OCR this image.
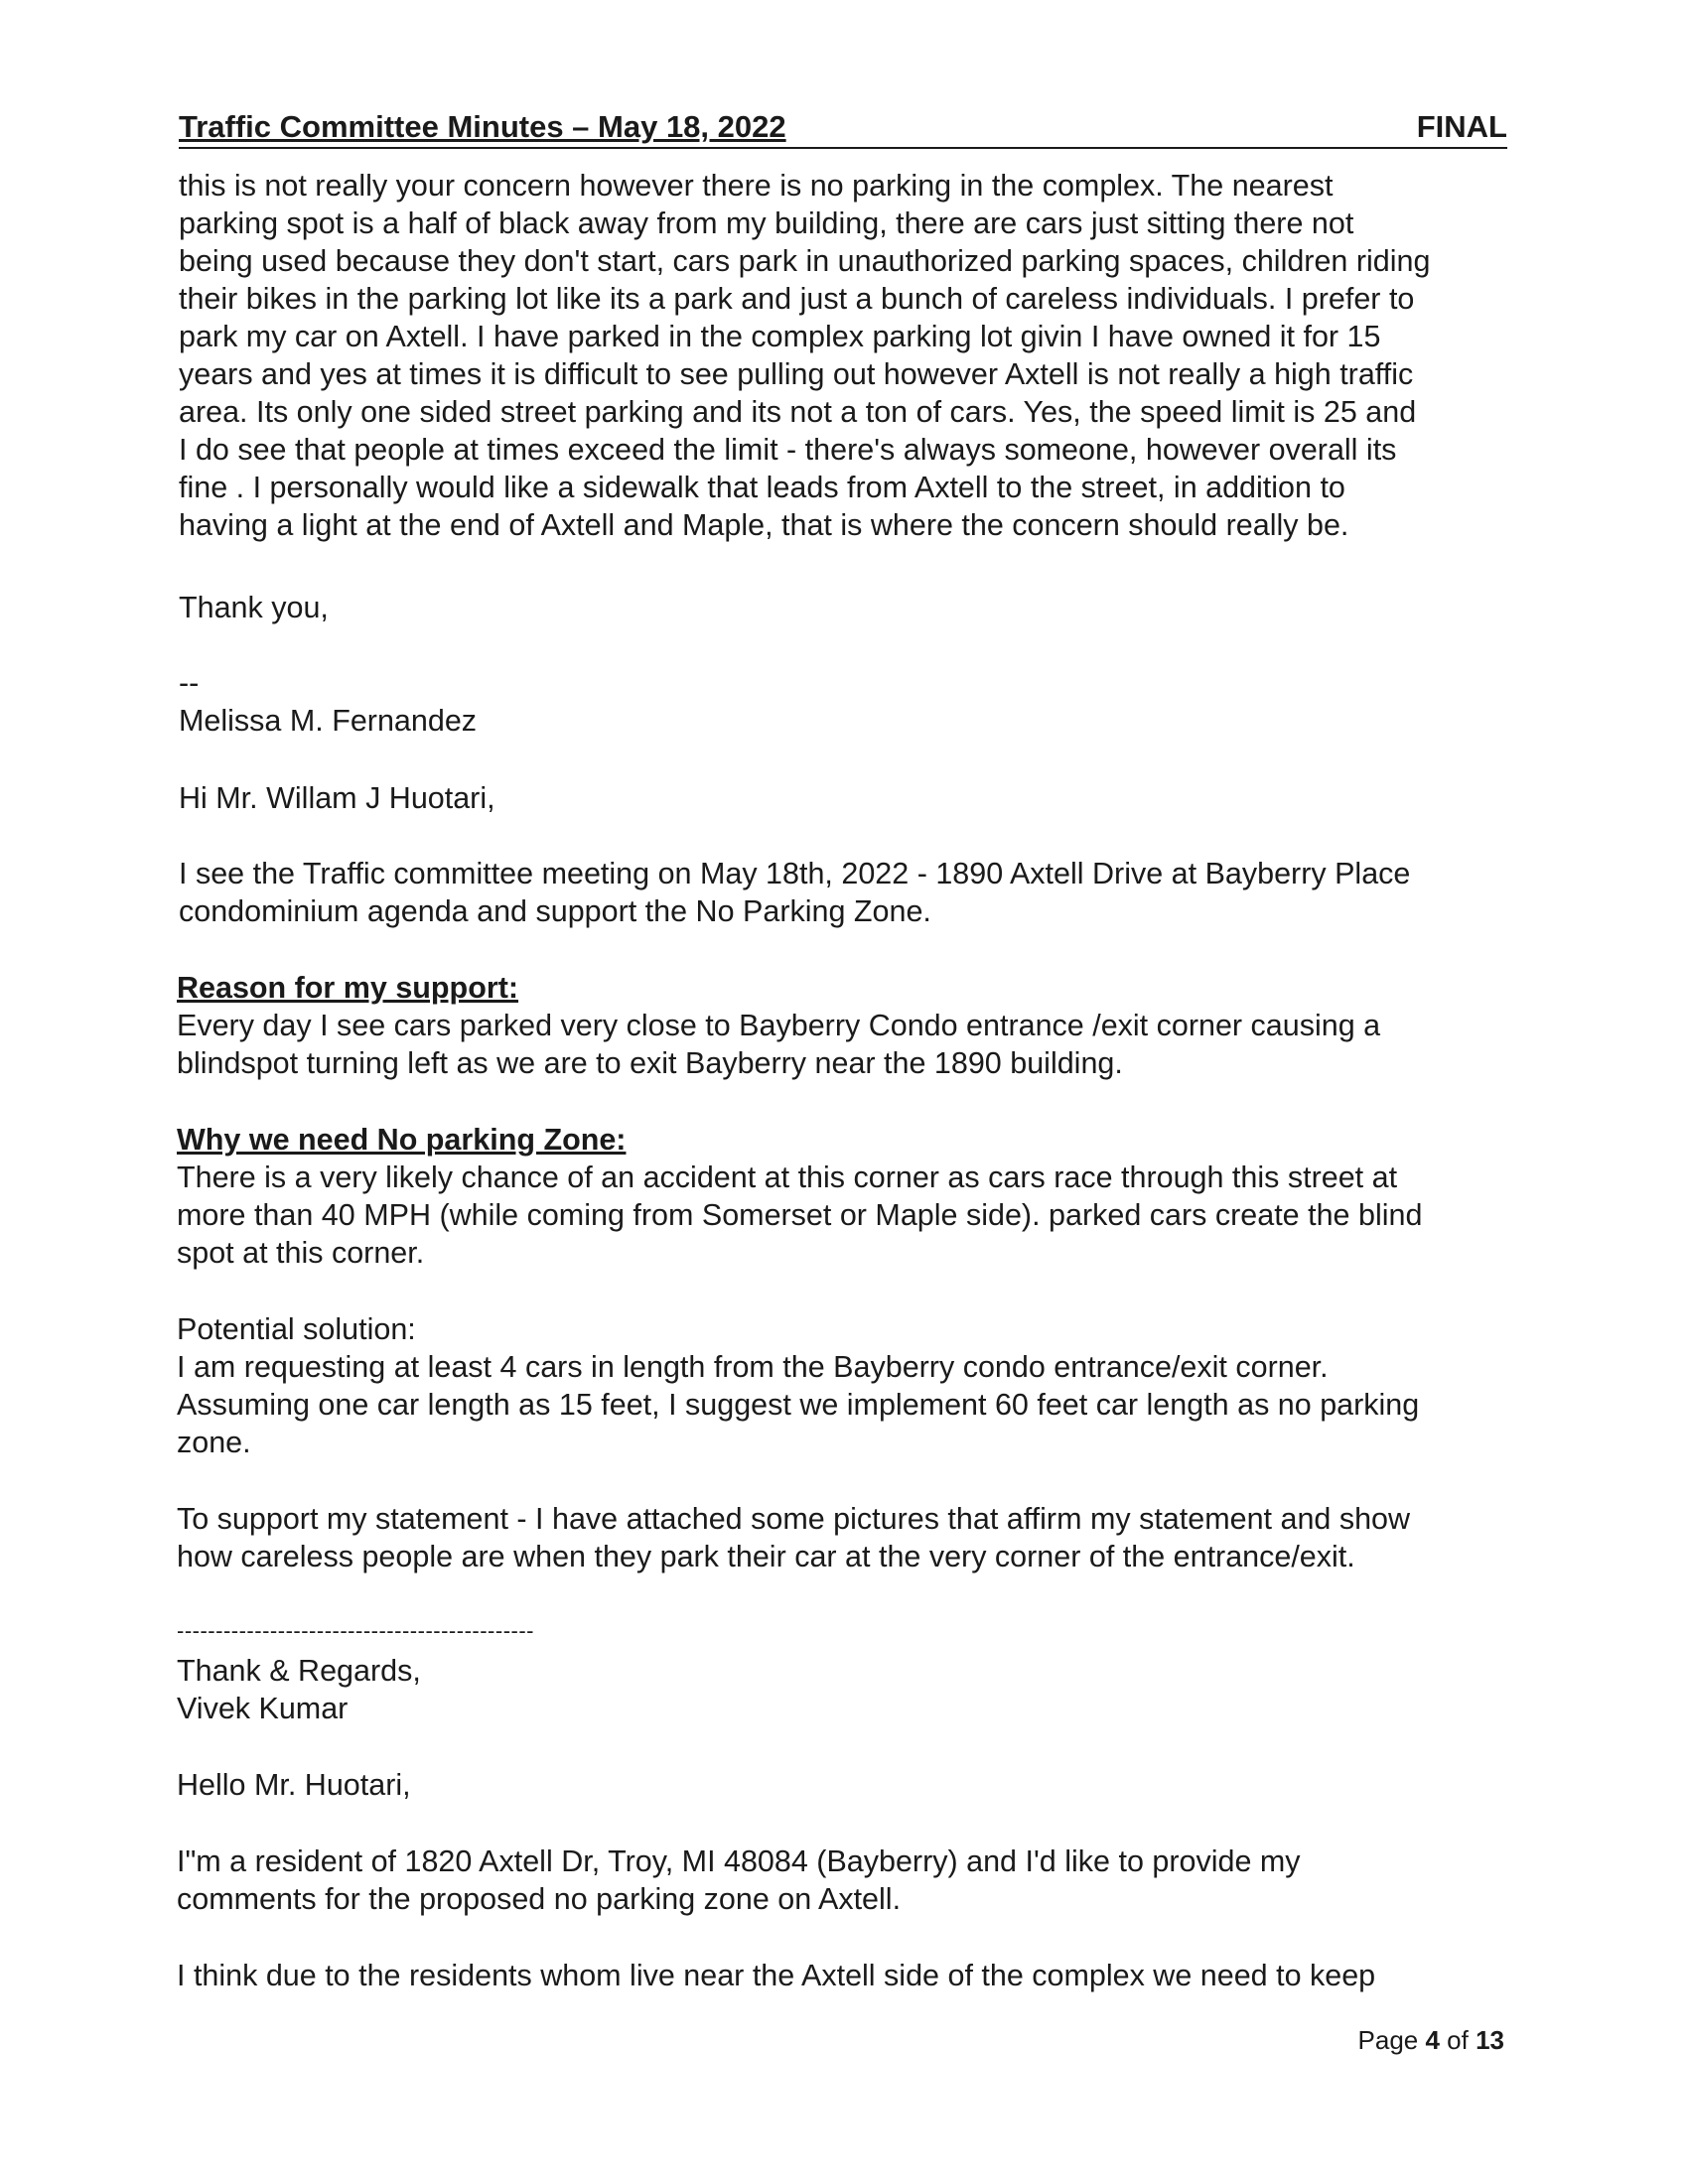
Traffic Committee Minutes – May 18, 2022	FINAL
this is not really your concern however there is no parking in the complex. The nearest
parking spot is a half of black away from my building, there are cars just sitting there not
being used because they don't start, cars park in unauthorized parking spaces, children riding
their bikes in the parking lot like its a park and just a bunch of careless individuals. I prefer to
park my car on Axtell. I have parked in the complex parking lot givin I have owned it for 15
years and yes at times it is difficult to see pulling out however Axtell is not really a high traffic
area. Its only one sided street parking and its not a ton of cars. Yes, the speed limit is 25 and
I do see that people at times exceed the limit - there's always someone, however overall its
fine . I personally would like a sidewalk that leads from Axtell to the street, in addition to
having a light at the end of Axtell and Maple, that is where the concern should really be.
Thank you,
--
Melissa M. Fernandez
Hi Mr. Willam J Huotari,
I see the Traffic committee meeting on May 18th, 2022 - 1890 Axtell Drive at Bayberry Place
condominium agenda and support the No Parking Zone.
Reason for my support:
Every day I see cars parked very close to Bayberry Condo entrance /exit corner causing a
blindspot turning left as we are to exit Bayberry near the 1890 building.
Why we need No parking Zone:
There is a very likely chance of an accident at this corner as cars race through this street at
more than 40 MPH (while coming from Somerset or Maple side). parked cars create the blind
spot at this corner.
Potential solution:
I am requesting at least 4 cars in length from the Bayberry condo entrance/exit corner.
Assuming one car length as 15 feet, I suggest we implement 60 feet car length as no parking
zone.
To support my statement - I have attached some pictures that affirm my statement and show
how careless people are when they park their car at the very corner of the entrance/exit.
----------------------------------------------
Thank & Regards,
Vivek Kumar
Hello Mr. Huotari,
I"m a resident of 1820 Axtell Dr, Troy, MI 48084 (Bayberry) and I'd like to provide my
comments for the proposed no parking zone on Axtell.
I think due to the residents whom live near the Axtell side of the complex we need to keep
Page 4 of 13
